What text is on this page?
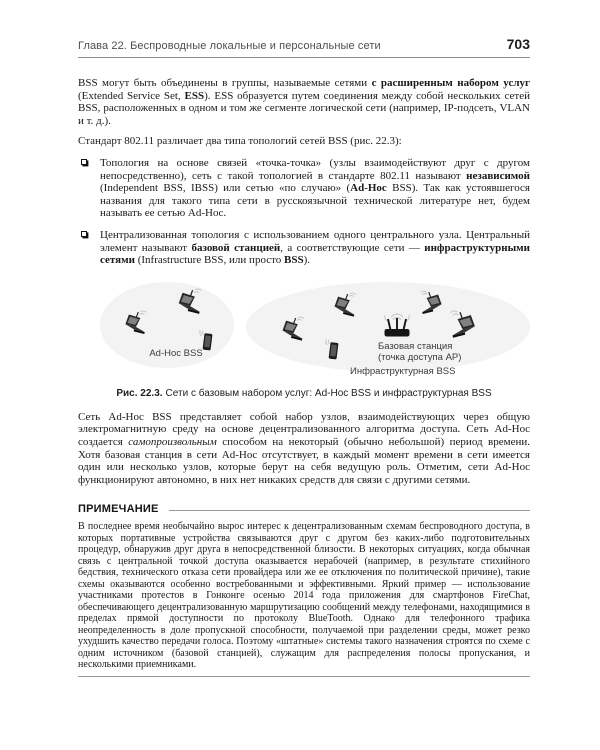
Глава 22. Беспроводные локальные и персональные сети	703

BSS могут быть объединены в группы, называемые сетями с расширенным набором услуг (Extended Service Set, ESS). ESS образуется путем соединения между собой нескольких сетей BSS, расположенных в одном и том же сегменте логической сети (например, IP-подсеть, VLAN и т. д.).

Стандарт 802.11 различает два типа топологий сетей BSS (рис. 22.3):

Топология на основе связей «точка-точка» (узлы взаимодействуют друг с другом непосредственно), сеть с такой топологией в стандарте 802.11 называют независимой (Independent BSS, IBSS) или сетью «по случаю» (Ad-Hoc BSS). Так как устоявшегося названия для такого типа сети в русскоязычной технической литературе нет, будем называть ее сетью Ad-Hoc.
Централизованная топология с использованием одного центрального узла. Центральный элемент называют базовой станцией, а соответствующие сети — инфраструктурными сетями (Infrastructure BSS, или просто BSS).
Ad-Hoc BSS
Базовая станция
(точка доступа AP)
Инфраструктурная BSS
Рис. 22.3. Сети с базовым набором услуг: Ad-Hoc BSS и инфраструктурная BSS

Сеть Ad-Hoc BSS представляет собой набор узлов, взаимодействующих через общую электромагнитную среду на основе децентрализованного алгоритма доступа. Сеть Ad-Hoc создается самопроизвольным способом на некоторый (обычно небольшой) период времени. Хотя базовая станция в сети Ad-Hoc отсутствует, в каждый момент времени в сети имеется один или несколько узлов, которые берут на себя ведущую роль. Отметим, сети Ad-Hoc функционируют автономно, в них нет никаких средств для связи с другими сетями.

ПРИМЕЧАНИЕ

В последнее время необычайно вырос интерес к децентрализованным схемам беспроводного доступа, в которых портативные устройства связываются друг с другом без каких-либо подготовительных процедур, обнаружив друг друга в непосредственной близости. В некоторых ситуациях, когда обычная связь с центральной точкой доступа оказывается нерабочей (например, в результате стихийного бедствия, технического отказа сети провайдера или же ее отключения по политической причине), такие схемы оказываются особенно востребованными и эффективными. Яркий пример — использование участниками протестов в Гонконге осенью 2014 года приложения для смартфонов FireChat, обеспечивающего децентрализованную маршрутизацию сообщений между телефонами, находящимися в пределах прямой доступности по протоколу BlueTooth. Однако для телефонного трафика неопределенность в доле пропускной способности, получаемой при разделении среды, может резко ухудшить качество передачи голоса. Поэтому «штатные» системы такого назначения строятся по схеме с одним источником (базовой станцией), служащим для распределения полосы пропускания, и несколькими приемниками.
